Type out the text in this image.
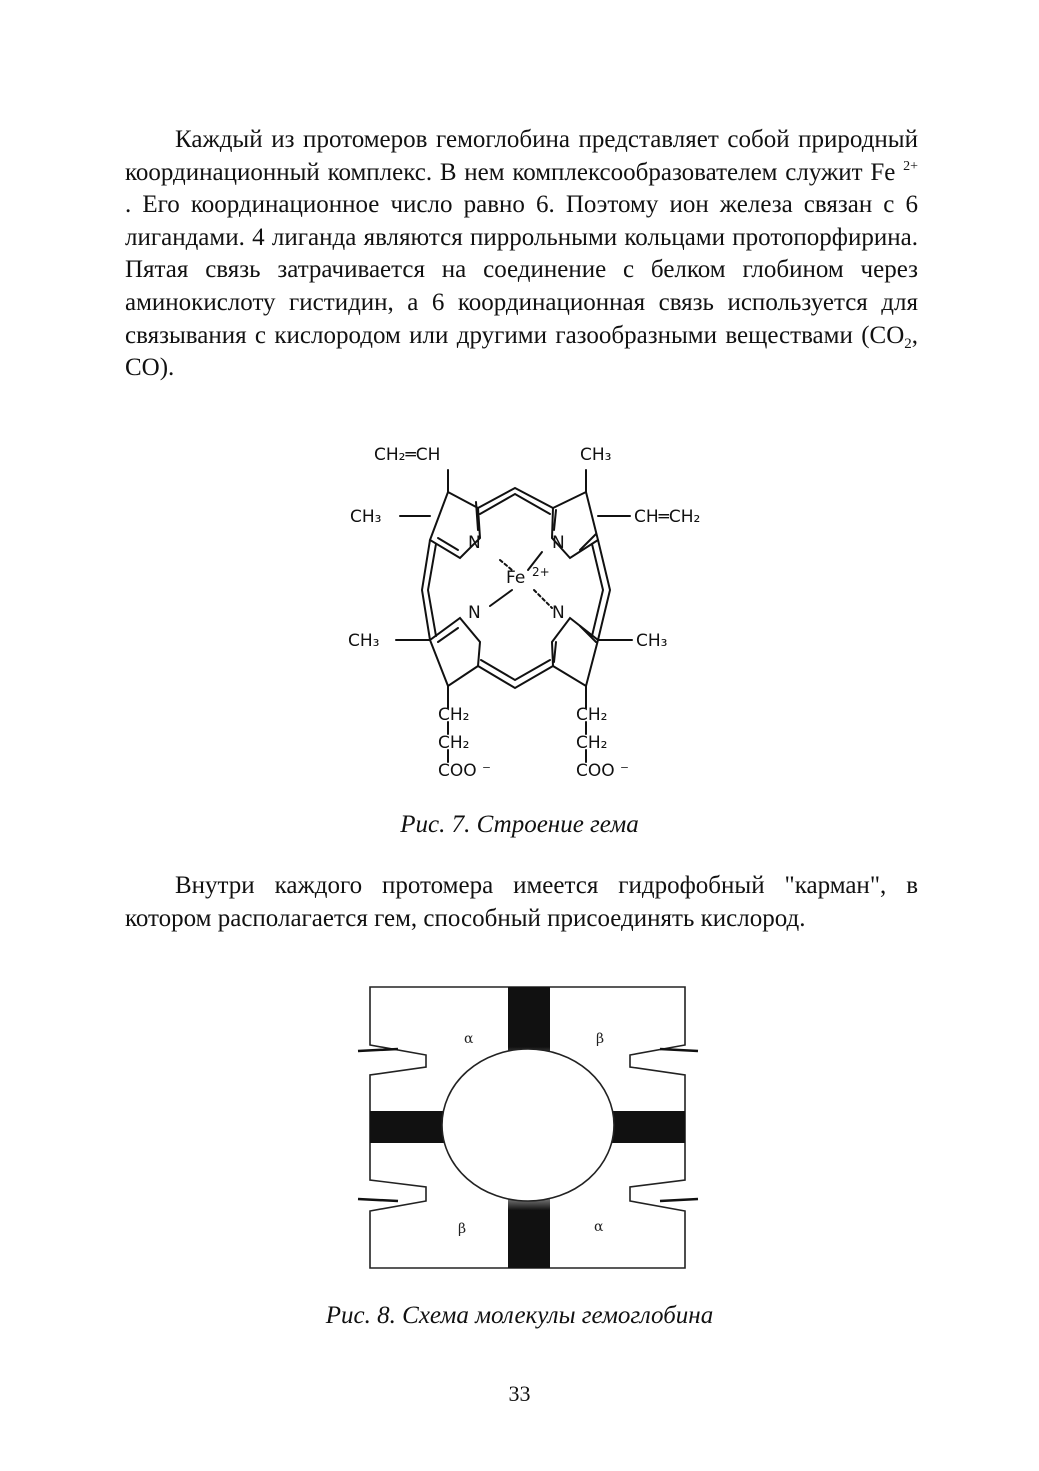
Каждый из протомеров гемоглобина представляет собой природный координационный комплекс. В нем комплексообразователем служит Fe $^{2+}$ . Его координационное число равно 6. Поэтому ион железа связан с 6 лигандами. 4 лиганда являются пиррольными кольцами протопорфирина. Пятая связь затрачивается на соединение с белком глобином через аминокислоту гистидин, а 6 координационная связь используется для связывания с кислородом или другими газообразными веществами ($CO_2$, CO).
CH₂═CH	CH₃
CH₃	CH═CH₂
N	N
N	N
Fe 2+
CH₃	CH₃
CH₂
CH₂
COO ⁻
CH₂
CH₂
COO ⁻
Рис. 7. Строение гема
Внутри каждого протомера имеется гидрофобный "карман", в котором располагается гем, способный присоединять кислород.
α	β
β	α
Рис. 8. Схема молекулы гемоглобина
33
